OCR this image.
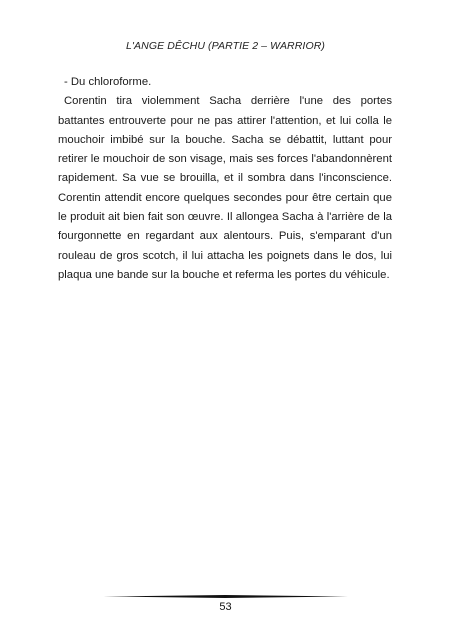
L'ANGE DÊCHU (PARTIE 2 – WARRIOR)

- Du chloroforme.

Corentin tira violemment Sacha derrière l'une des portes battantes entrouverte pour ne pas attirer l'attention, et lui colla le mouchoir imbibé sur la bouche. Sacha se débattit, luttant pour retirer le mouchoir de son visage, mais ses forces l'abandonnèrent rapidement. Sa vue se brouilla, et il sombra dans l'inconscience. Corentin attendit encore quelques secondes pour être certain que le produit ait bien fait son œuvre. Il allongea Sacha à l'arrière de la fourgonnette en regardant aux alentours. Puis, s'emparant d'un rouleau de gros scotch, il lui attacha les poignets dans le dos, lui plaqua une bande sur la bouche et referma les portes du véhicule.

53
